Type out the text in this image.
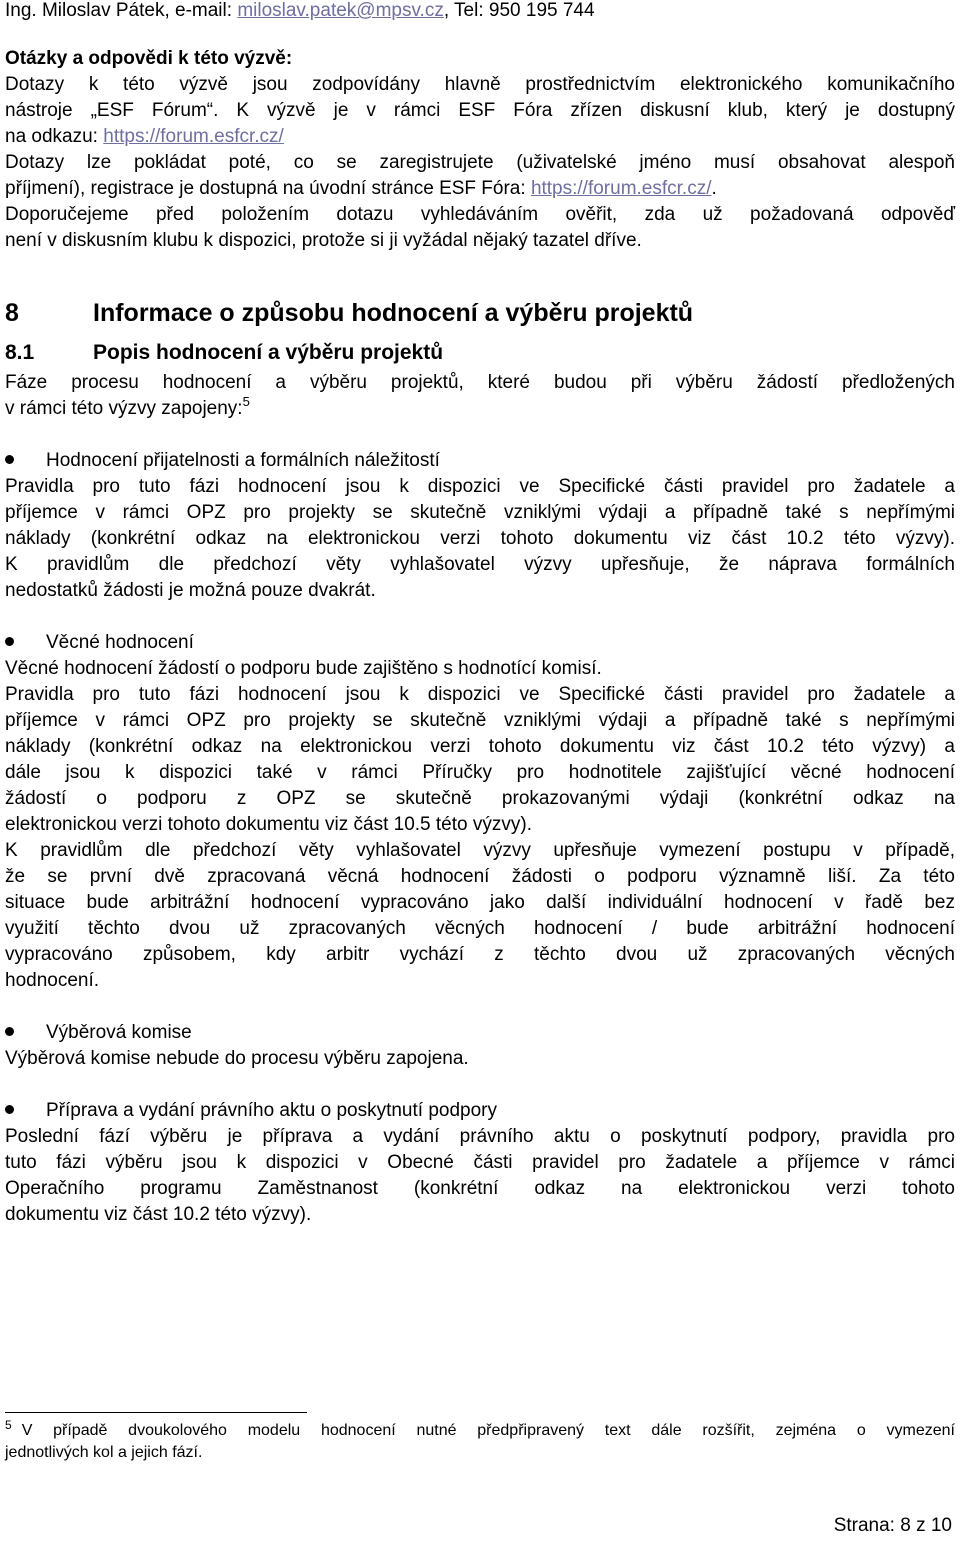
Ing. Miloslav Pátek, e-mail: miloslav.patek@mpsv.cz, Tel: 950 195 744

Otázky a odpovědi k této výzvě:

Dotazy k této výzvě jsou zodpovídány hlavně prostřednictvím elektronického komunikačního

nástroje „ESF Fórum“. K výzvě je v rámci ESF Fóra zřízen diskusní klub, který je dostupný

na odkazu: https://forum.esfcr.cz/

Dotazy lze pokládat poté, co se zaregistrujete (uživatelské jméno musí obsahovat alespoň

příjmení), registrace je dostupná na úvodní stránce ESF Fóra: https://forum.esfcr.cz/.

Doporučejeme před položením dotazu vyhledáváním ověřit, zda už požadovaná odpověď

není v diskusním klubu k dispozici, protože si ji vyžádal nějaký tazatel dříve.

8	Informace o způsobu hodnocení a výběru projektů
8.1	Popis hodnocení a výběru projektů

Fáze procesu hodnocení a výběru projektů, které budou při výběru žádostí předložených

v rámci této výzvy zapojeny:$^5$

Hodnocení přijatelnosti a formálních náležitostí

Pravidla pro tuto fázi hodnocení jsou k dispozici ve Specifické části pravidel pro žadatele a

příjemce v rámci OPZ pro projekty se skutečně vzniklými výdaji a případně také s nepřímými

náklady (konkrétní odkaz na elektronickou verzi tohoto dokumentu viz část 10.2 této výzvy).

K pravidlům dle předchozí věty vyhlašovatel výzvy upřesňuje, že náprava formálních

nedostatků žádosti je možná pouze dvakrát.

Věcné hodnocení

Věcné hodnocení žádostí o podporu bude zajištěno s hodnotící komisí.

Pravidla pro tuto fázi hodnocení jsou k dispozici ve Specifické části pravidel pro žadatele a

příjemce v rámci OPZ pro projekty se skutečně vzniklými výdaji a případně také s nepřímými

náklady (konkrétní odkaz na elektronickou verzi tohoto dokumentu viz část 10.2 této výzvy) a

dále jsou k dispozici také v rámci Příručky pro hodnotitele zajišťující věcné hodnocení

žádostí o podporu z OPZ se skutečně prokazovanými výdaji (konkrétní odkaz na

elektronickou verzi tohoto dokumentu viz část 10.5 této výzvy).

K pravidlům dle předchozí věty vyhlašovatel výzvy upřesňuje vymezení postupu v případě,

že se první dvě zpracovaná věcná hodnocení žádosti o podporu významně liší. Za této

situace bude arbitrážní hodnocení vypracováno jako další individuální hodnocení v řadě bez

využití těchto dvou už zpracovaných věcných hodnocení / bude arbitrážní hodnocení

vypracováno způsobem, kdy arbitr vychází z těchto dvou už zpracovaných věcných

hodnocení.

Výběrová komise

Výběrová komise nebude do procesu výběru zapojena.

Příprava a vydání právního aktu o poskytnutí podpory

Poslední fází výběru je příprava a vydání právního aktu o poskytnutí podpory, pravidla pro

tuto fázi výběru jsou k dispozici v Obecné části pravidel pro žadatele a příjemce v rámci

Operačního programu Zaměstnanost (konkrétní odkaz na elektronickou verzi tohoto

dokumentu viz část 10.2 této výzvy).

$^5$ V případě dvoukolového modelu hodnocení nutné předpřipravený text dále rozšířit, zejména o vymezení
jednotlivých kol a jejich fází.
Strana: 8 z 10
